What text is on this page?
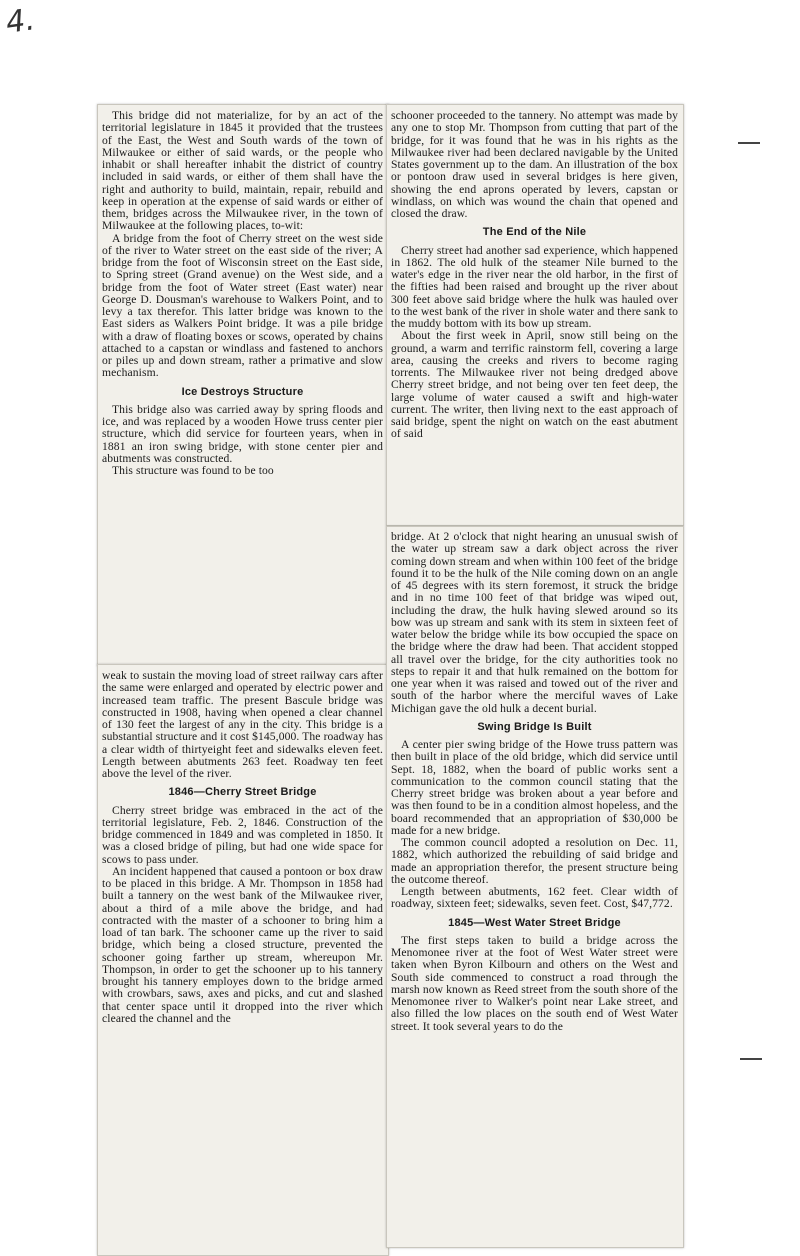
4.

This bridge did not materialize, for by an act of the territorial legislature in 1845 it provided that the trustees of the East, the West and South wards of the town of Milwaukee or either of said wards, or the people who inhabit or shall hereafter inhabit the district of country included in said wards, or either of them shall have the right and authority to build, maintain, repair, rebuild and keep in operation at the expense of said wards or either of them, bridges across the Milwaukee river, in the town of Milwaukee at the following places, to-wit:

A bridge from the foot of Cherry street on the west side of the river to Water street on the east side of the river; A bridge from the foot of Wisconsin street on the East side, to Spring street (Grand avenue) on the West side, and a bridge from the foot of Water street (East water) near George D. Dousman's warehouse to Walkers Point, and to levy a tax therefor. This latter bridge was known to the East siders as Walkers Point bridge. It was a pile bridge with a draw of floating boxes or scows, operated by chains attached to a capstan or windlass and fastened to anchors or piles up and down stream, rather a primative and slow mechanism.

Ice Destroys Structure

This bridge also was carried away by spring floods and ice, and was replaced by a wooden Howe truss center pier structure, which did service for fourteen years, when in 1881 an iron swing bridge, with stone center pier and abutments was constructed.

This structure was found to be too

weak to sustain the moving load of street railway cars after the same were enlarged and operated by electric power and increased team traffic. The present Bascule bridge was constructed in 1908, having when opened a clear channel of 130 feet the largest of any in the city. This bridge is a substantial structure and it cost $145,000. The roadway has a clear width of thirtyeight feet and sidewalks eleven feet. Length between abutments 263 feet. Roadway ten feet above the level of the river.

1846—Cherry Street Bridge

Cherry street bridge was embraced in the act of the territorial legislature, Feb. 2, 1846. Construction of the bridge commenced in 1849 and was completed in 1850. It was a closed bridge of piling, but had one wide space for scows to pass under.

An incident happened that caused a pontoon or box draw to be placed in this bridge. A Mr. Thompson in 1858 had built a tannery on the west bank of the Milwaukee river, about a third of a mile above the bridge, and had contracted with the master of a schooner to bring him a load of tan bark. The schooner came up the river to said bridge, which being a closed structure, prevented the schooner going farther up stream, whereupon Mr. Thompson, in order to get the schooner up to his tannery brought his tannery employes down to the bridge armed with crowbars, saws, axes and picks, and cut and slashed that center space until it dropped into the river which cleared the channel and the

schooner proceeded to the tannery. No attempt was made by any one to stop Mr. Thompson from cutting that part of the bridge, for it was found that he was in his rights as the Milwaukee river had been declared navigable by the United States government up to the dam. An illustration of the box or pontoon draw used in several bridges is here given, showing the end aprons operated by levers, capstan or windlass, on which was wound the chain that opened and closed the draw.

The End of the Nile

Cherry street had another sad experience, which happened in 1862. The old hulk of the steamer Nile burned to the water's edge in the river near the old harbor, in the first of the fifties had been raised and brought up the river about 300 feet above said bridge where the hulk was hauled over to the west bank of the river in shole water and there sank to the muddy bottom with its bow up stream.

About the first week in April, snow still being on the ground, a warm and terrific rainstorm fell, covering a large area, causing the creeks and rivers to become raging torrents. The Milwaukee river not being dredged above Cherry street bridge, and not being over ten feet deep, the large volume of water caused a swift and high-water current. The writer, then living next to the east approach of said bridge, spent the night on watch on the east abutment of said

bridge. At 2 o'clock that night hearing an unusual swish of the water up stream saw a dark object across the river coming down stream and when within 100 feet of the bridge found it to be the hulk of the Nile coming down on an angle of 45 degrees with its stern foremost, it struck the bridge and in no time 100 feet of that bridge was wiped out, including the draw, the hulk having slewed around so its bow was up stream and sank with its stem in sixteen feet of water below the bridge while its bow occupied the space on the bridge where the draw had been. That accident stopped all travel over the bridge, for the city authorities took no steps to repair it and that hulk remained on the bottom for one year when it was raised and towed out of the river and south of the harbor where the merciful waves of Lake Michigan gave the old hulk a decent burial.

Swing Bridge Is Built

A center pier swing bridge of the Howe truss pattern was then built in place of the old bridge, which did service until Sept. 18, 1882, when the board of public works sent a communication to the common council stating that the Cherry street bridge was broken about a year before and was then found to be in a condition almost hopeless, and the board recommended that an appropriation of $30,000 be made for a new bridge.

The common council adopted a resolution on Dec. 11, 1882, which authorized the rebuilding of said bridge and made an appropriation therefor, the present structure being the outcome thereof.

Length between abutments, 162 feet. Clear width of roadway, sixteen feet; sidewalks, seven feet. Cost, $47,772.

1845—West Water Street Bridge

The first steps taken to build a bridge across the Menomonee river at the foot of West Water street were taken when Byron Kilbourn and others on the West and South side commenced to construct a road through the marsh now known as Reed street from the south shore of the Menomonee river to Walker's point near Lake street, and also filled the low places on the south end of West Water street. It took several years to do the
